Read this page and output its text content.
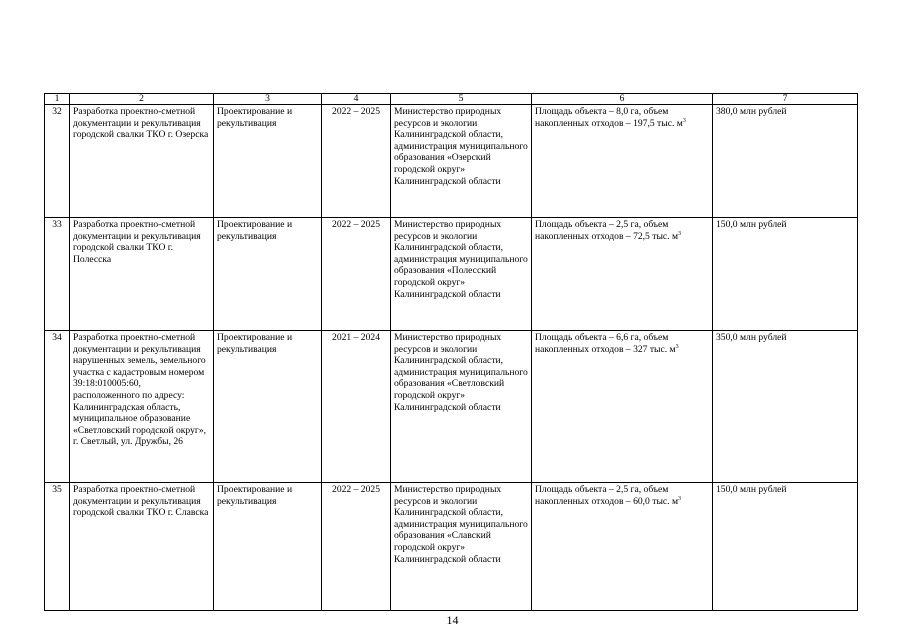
1	2	3	4	5	6	7
32	Разработка проектно-сметной документации и рекультивация городской свалки ТКО г. Озерска	Проектирование и рекультивация	2022 – 2025	Министерство природных ресурсов и экологии Калининградской области, администрация муниципального образования «Озерский городской округ» Калининградской области	Площадь объекта – 8,0 га, объем накопленных отходов – 197,5 тыс. $м^3$	380,0 млн рублей
33	Разработка проектно-сметной документации и рекультивация городской свалки ТКО г. Полесска	Проектирование и рекультивация	2022 – 2025	Министерство природных ресурсов и экологии Калининградской области, администрация муниципального образования «Полесский городской округ» Калининградской области	Площадь объекта – 2,5 га, объем накопленных отходов – 72,5 тыс. $м^3$	150,0 млн рублей
34	Разработка проектно-сметной документации и рекультивация нарушенных земель, земельного участка с кадастровым номером 39:18:010005:60, расположенного по адресу: Калининградская область, муниципальное образование «Светловский городской округ», г. Светлый, ул. Дружбы, 26	Проектирование и рекультивация	2021 – 2024	Министерство природных ресурсов и экологии Калининградской области, администрация муниципального образования «Светловский городской округ» Калининградской области	Площадь объекта – 6,6 га, объем накопленных отходов – 327 тыс. $м^3$	350,0 млн рублей
35	Разработка проектно-сметной документации и рекультивация городской свалки ТКО г. Славска	Проектирование и рекультивация	2022 – 2025	Министерство природных ресурсов и экологии Калининградской области, администрация муниципального образования «Славский городской округ» Калининградской области	Площадь объекта – 2,5 га, объем накопленных отходов – 60,0 тыс. $м^3$	150,0 млн рублей
14
